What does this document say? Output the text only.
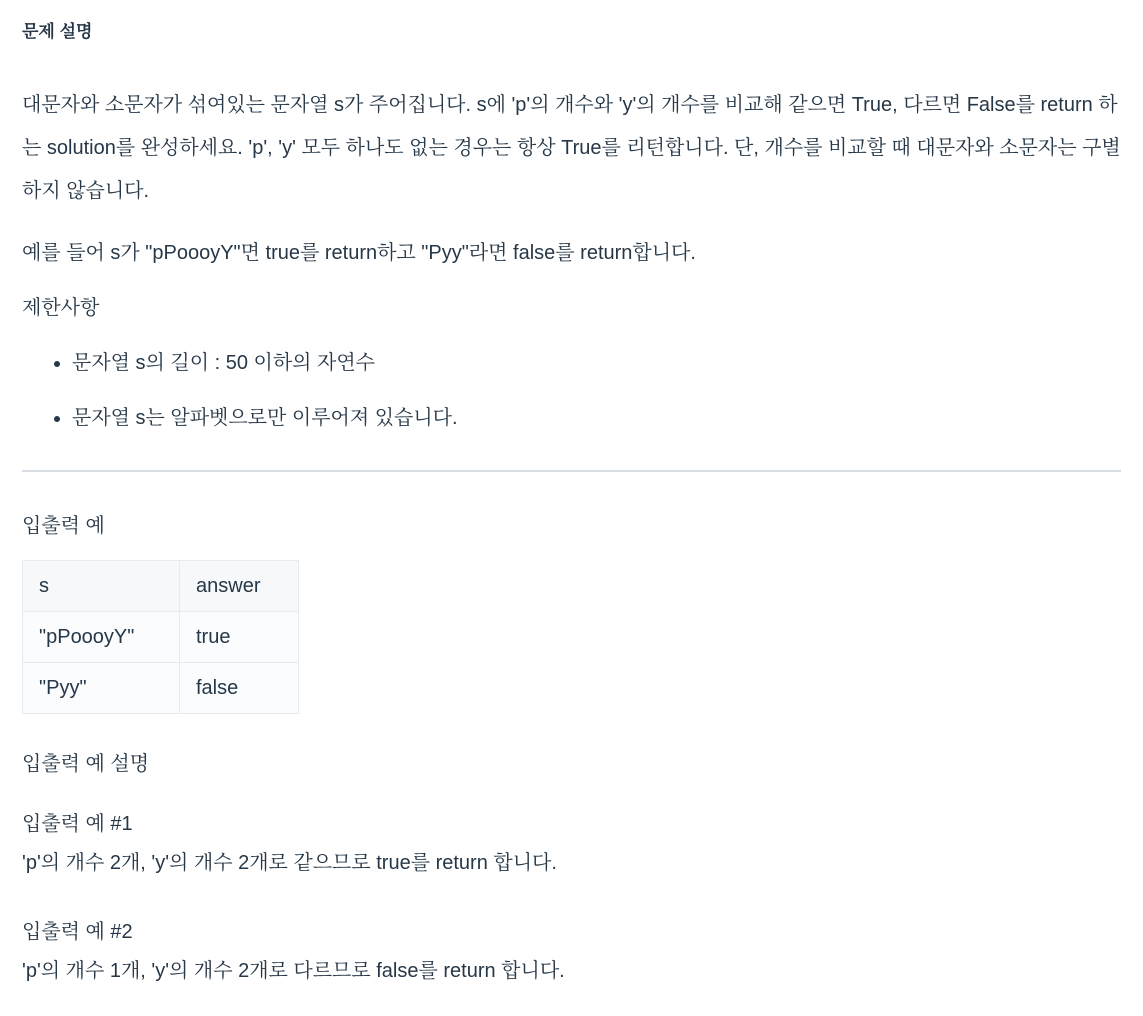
문제 설명

대문자와 소문자가 섞여있는 문자열 s가 주어집니다. s에 'p'의 개수와 'y'의 개수를 비교해 같으면 True, 다르면 False를 return 하는 solution를 완성하세요. 'p', 'y' 모두 하나도 없는 경우는 항상 True를 리턴합니다. 단, 개수를 비교할 때 대문자와 소문자는 구별하지 않습니다.

예를 들어 s가 "pPoooyY"면 true를 return하고 "Pyy"라면 false를 return합니다.

제한사항
• 문자열 s의 길이 : 50 이하의 자연수
• 문자열 s는 알파벳으로만 이루어져 있습니다.
입출력 예
s	answer
"pPoooyY"	true
"Pyy"	false
입출력 예 설명
입출력 예 #1

'p'의 개수 2개, 'y'의 개수 2개로 같으므로 true를 return 합니다.

입출력 예 #2

'p'의 개수 1개, 'y'의 개수 2개로 다르므로 false를 return 합니다.
